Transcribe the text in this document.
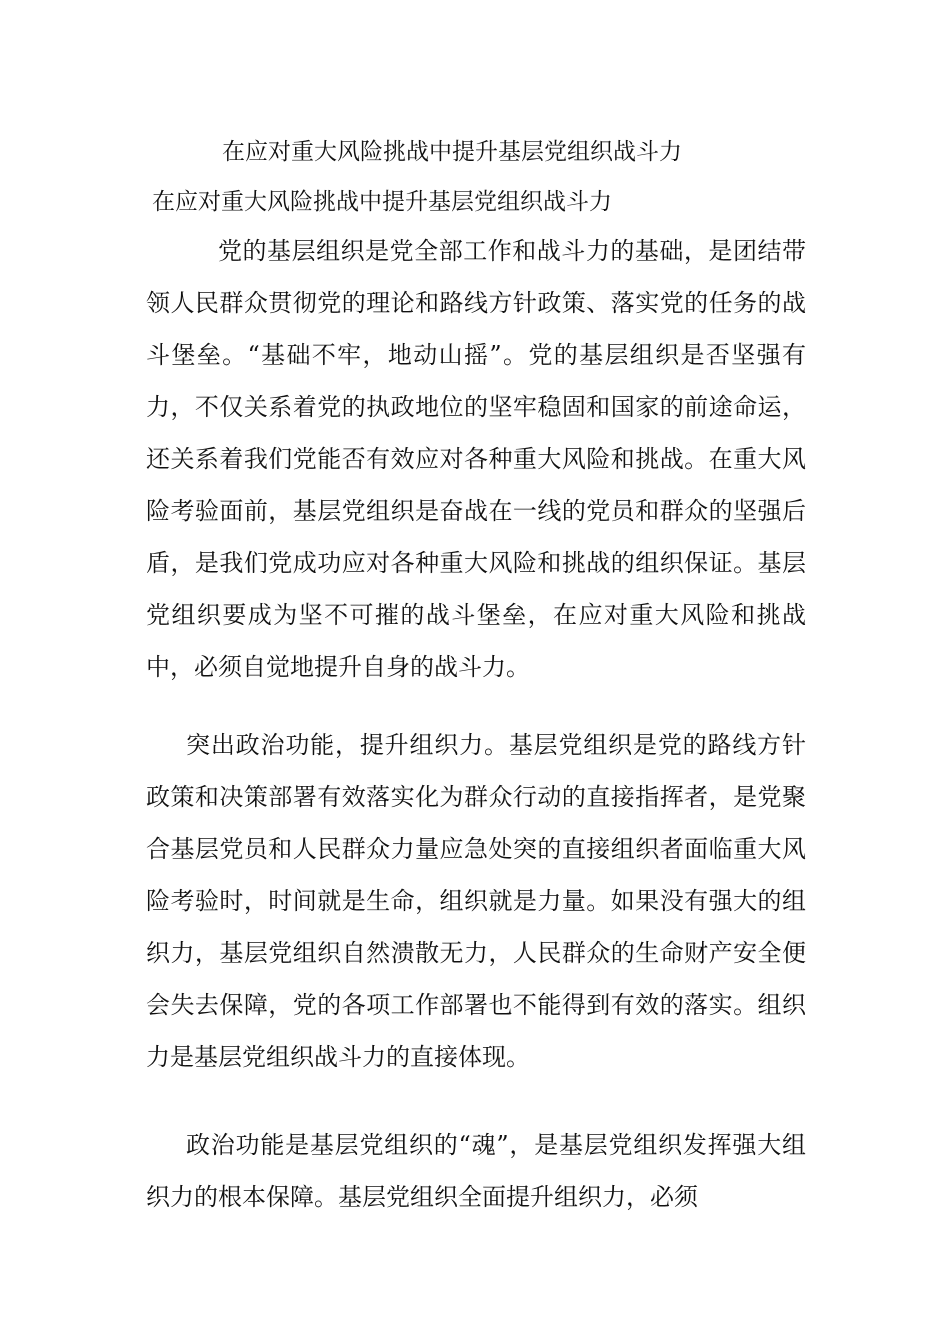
在应对重大风险挑战中提升基层党组织战斗力
在应对重大风险挑战中提升基层党组织战斗力

党的基层组织是党全部工作和战斗力的基础，是团结带领人民群众贯彻党的理论和路线方针政策、落实党的任务的战斗堡垒。“基础不牢，地动山摇”。党的基层组织是否坚强有力，不仅关系着党的执政地位的坚牢稳固和国家的前途命运，还关系着我们党能否有效应对各种重大风险和挑战。在重大风险考验面前，基层党组织是奋战在一线的党员和群众的坚强后盾，是我们党成功应对各种重大风险和挑战的组织保证。基层党组织要成为坚不可摧的战斗堡垒，在应对重大风险和挑战中，必须自觉地提升自身的战斗力。

突出政治功能，提升组织力。基层党组织是党的路线方针政策和决策部署有效落实化为群众行动的直接指挥者，是党聚合基层党员和人民群众力量应急处突的直接组织者面临重大风险考验时，时间就是生命，组织就是力量。如果没有强大的组织力，基层党组织自然溃散无力，人民群众的生命财产安全便会失去保障，党的各项工作部署也不能得到有效的落实。组织力是基层党组织战斗力的直接体现。

政治功能是基层党组织的“魂”，是基层党组织发挥强大组织力的根本保障。基层党组织全面提升组织力，必须
